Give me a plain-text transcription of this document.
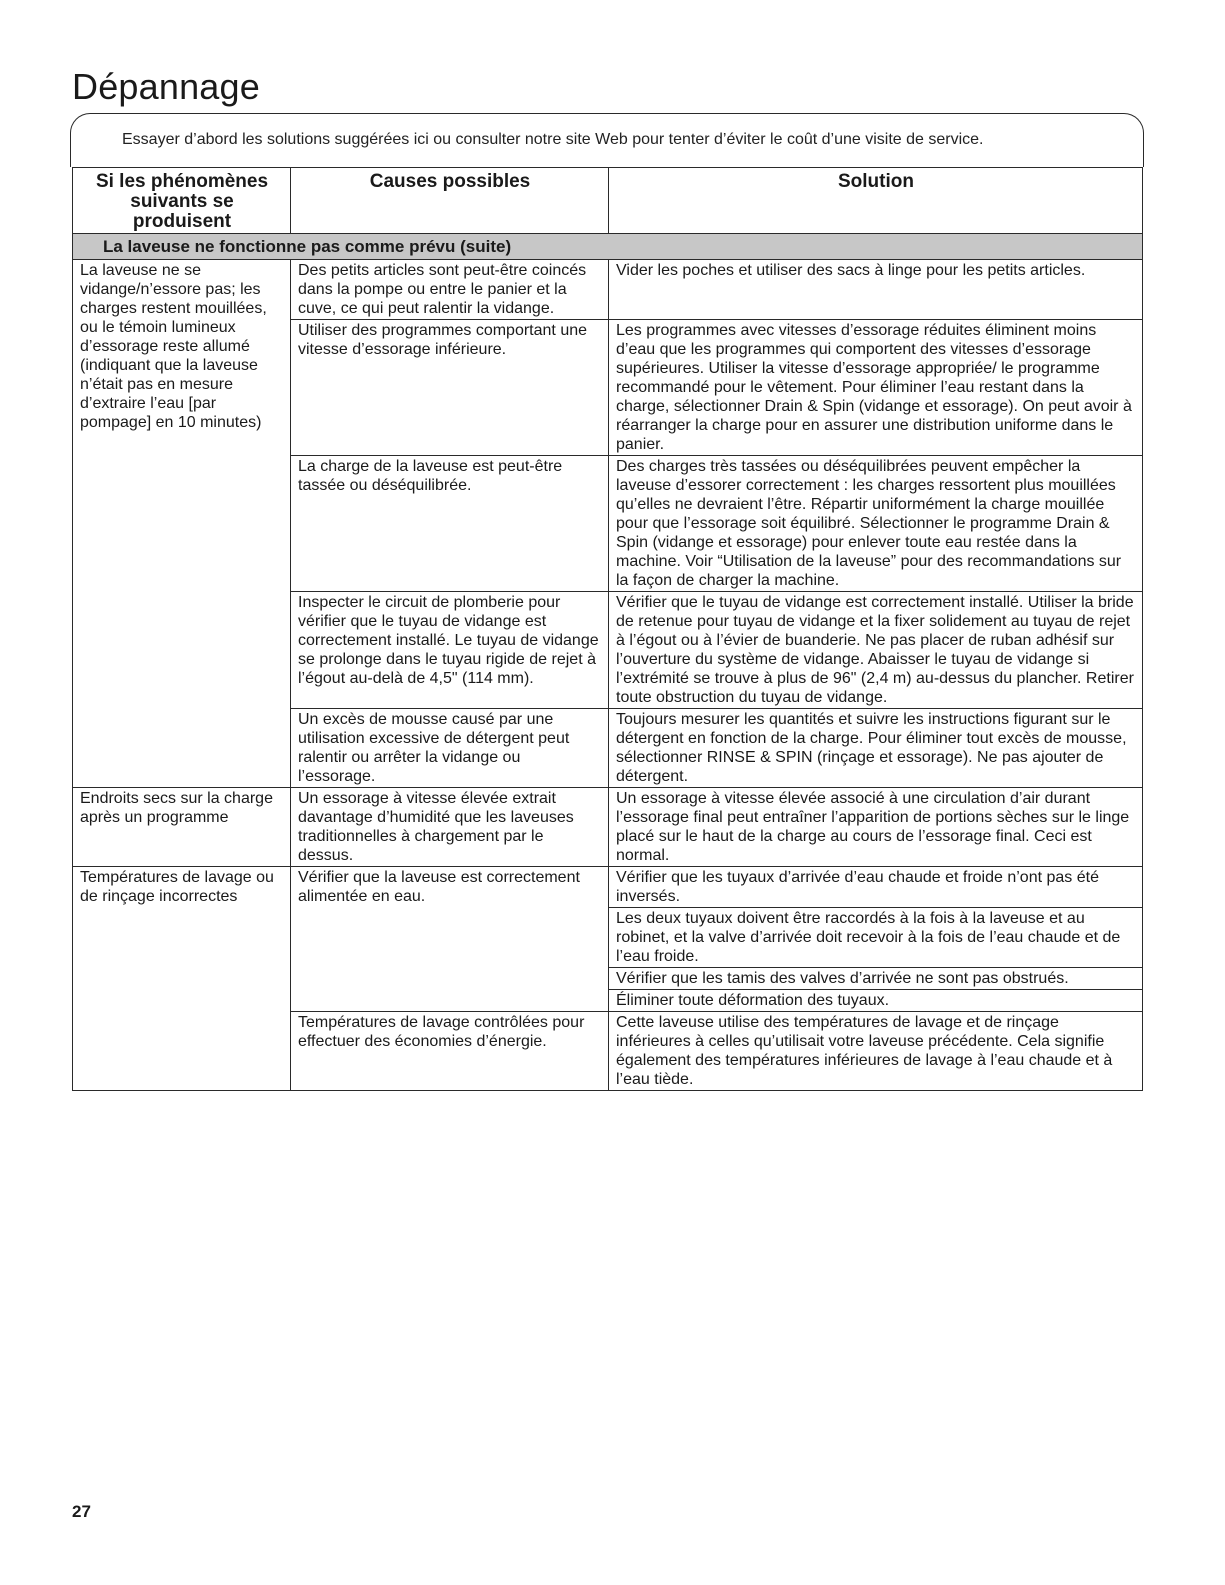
Dépannage
Essayer d’abord les solutions suggérées ici ou consulter notre site Web pour tenter d’éviter le coût d’une visite de service.
Si les phénomènes suivants se produisent	Causes possibles	Solution
La laveuse ne fonctionne pas comme prévu (suite)		
La laveuse ne se vidange/n’essore pas; les charges restent mouillées, ou le témoin lumineux d’essorage reste allumé (indiquant que la laveuse n’était pas en mesure d’extraire l’eau [par pompage] en 10 minutes)	Des petits articles sont peut-être coincés dans la pompe ou entre le panier et la cuve, ce qui peut ralentir la vidange.	Vider les poches et utiliser des sacs à linge pour les petits articles.
	Utiliser des programmes comportant une vitesse d’essorage inférieure.	Les programmes avec vitesses d’essorage réduites éliminent moins d’eau que les programmes qui comportent des vitesses d’essorage supérieures. Utiliser la vitesse d’essorage appropriée/ le programme recommandé pour le vêtement. Pour éliminer l’eau restant dans la charge, sélectionner Drain & Spin (vidange et essorage). On peut avoir à réarranger la charge pour en assurer une distribution uniforme dans le panier.
	La charge de la laveuse est peut-être tassée ou déséquilibrée.	Des charges très tassées ou déséquilibrées peuvent empêcher la laveuse d’essorer correctement : les charges ressortent plus mouillées qu’elles ne devraient l’être. Répartir uniformément la charge mouillée pour que l’essorage soit équilibré. Sélectionner le programme Drain & Spin (vidange et essorage) pour enlever toute eau restée dans la machine. Voir “Utilisation de la laveuse” pour des recommandations sur la façon de charger la machine.
	Inspecter le circuit de plomberie pour vérifier que le tuyau de vidange est correctement installé. Le tuyau de vidange se prolonge dans le tuyau rigide de rejet à l’égout au-delà de 4,5" (114 mm).	Vérifier que le tuyau de vidange est correctement installé. Utiliser la bride de retenue pour tuyau de vidange et la fixer solidement au tuyau de rejet à l’égout ou à l’évier de buanderie. Ne pas placer de ruban adhésif sur l’ouverture du système de vidange. Abaisser le tuyau de vidange si l’extrémité se trouve à plus de 96" (2,4 m) au-dessus du plancher. Retirer toute obstruction du tuyau de vidange.
	Un excès de mousse causé par une utilisation excessive de détergent peut ralentir ou arrêter la vidange ou l’essorage.	Toujours mesurer les quantités et suivre les instructions figurant sur le détergent en fonction de la charge. Pour éliminer tout excès de mousse, sélectionner RINSE & SPIN (rinçage et essorage). Ne pas ajouter de détergent.
Endroits secs sur la charge après un programme	Un essorage à vitesse élevée extrait davantage d’humidité que les laveuses traditionnelles à chargement par le dessus.	Un essorage à vitesse élevée associé à une circulation d’air durant l’essorage final peut entraîner l’apparition de portions sèches sur le linge placé sur le haut de la charge au cours de l’essorage final. Ceci est normal.
Températures de lavage ou de rinçage incorrectes	Vérifier que la laveuse est correctement alimentée en eau.	Vérifier que les tuyaux d’arrivée d’eau chaude et froide n’ont pas été inversés.
		Les deux tuyaux doivent être raccordés à la fois à la laveuse et au robinet, et la valve d’arrivée doit recevoir à la fois de l’eau chaude et de l’eau froide.
		Vérifier que les tamis des valves d’arrivée ne sont pas obstrués.
		Éliminer toute déformation des tuyaux.
	Températures de lavage contrôlées pour effectuer des économies d’énergie.	Cette laveuse utilise des températures de lavage et de rinçage inférieures à celles qu’utilisait votre laveuse précédente. Cela signifie également des températures inférieures de lavage à l’eau chaude et à l’eau tiède.
27
